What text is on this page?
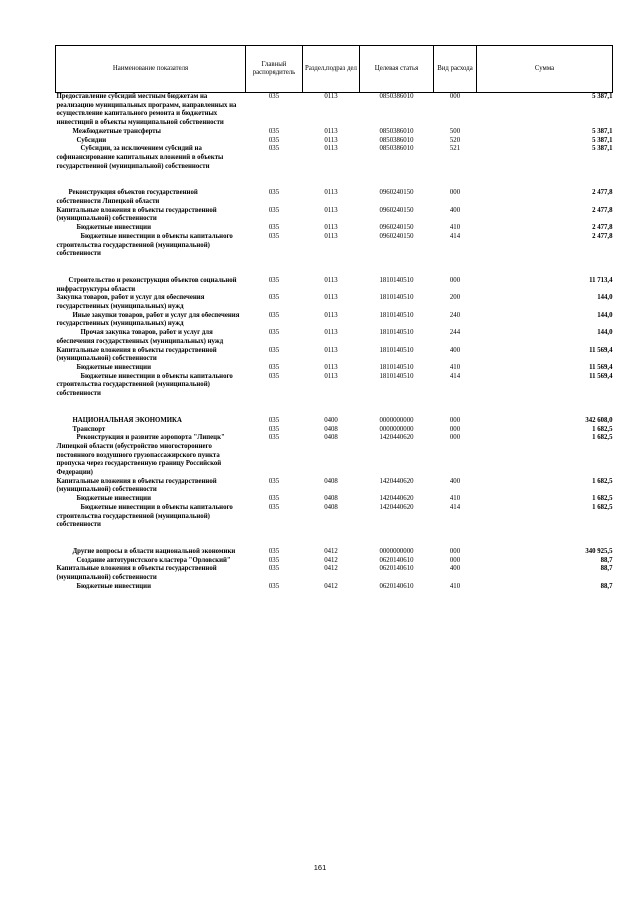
Наименование показателя	Главный распорядитель	Раздел,подраз дел	Целевая статья	Вид расхода	Сумма
Предоставление субсидий местным бюджетам на реализацию муниципальных программ, направленных на осуществление капитального ремонта и бюджетных инвестиций в объекты муниципальной собственности	035	0113	0850386010	000	5 387,1
Межбюджетные трансферты	035	0113	0850386010	500	5 387,1
Субсидии	035	0113	0850386010	520	5 387,1
Субсидии, за исключением субсидий на софинансирование капитальных вложений в объекты государственной (муниципальной) собственности	035	0113	0850386010	521	5 387,1
Реконструкция объектов государственной собственности Липецкой области	035	0113	0960240150	000	2 477,8
Капитальные вложения в объекты государственной (муниципальной) собственности	035	0113	0960240150	400	2 477,8
Бюджетные инвестиции	035	0113	0960240150	410	2 477,8
Бюджетные инвестиции в объекты капитального строительства государственной (муниципальной) собственности	035	0113	0960240150	414	2 477,8
Строительство и реконструкция объектов социальной инфраструктуры области	035	0113	1810140510	000	11 713,4
Закупка товаров, работ и услуг для обеспечения государственных (муниципальных) нужд	035	0113	1810140510	200	144,0
Иные закупки товаров, работ и услуг для обеспечения государственных (муниципальных) нужд	035	0113	1810140510	240	144,0
Прочая закупка товаров, работ и услуг для обеспечения государственных (муниципальных) нужд	035	0113	1810140510	244	144,0
Капитальные вложения в объекты государственной (муниципальной) собственности	035	0113	1810140510	400	11 569,4
Бюджетные инвестиции	035	0113	1810140510	410	11 569,4
Бюджетные инвестиции в объекты капитального строительства государственной (муниципальной) собственности	035	0113	1810140510	414	11 569,4
НАЦИОНАЛЬНАЯ ЭКОНОМИКА	035	0400	0000000000	000	342 608,0
Транспорт	035	0408	0000000000	000	1 682,5
Реконструкция и развитие аэропорта "Липецк" Липецкой области (обустройство многостороннего постоянного воздушного грузопассажирского пункта пропуска через государственную границу Российской Федерации)	035	0408	1420440620	000	1 682,5
Капитальные вложения в объекты государственной (муниципальной) собственности	035	0408	1420440620	400	1 682,5
Бюджетные инвестиции	035	0408	1420440620	410	1 682,5
Бюджетные инвестиции в объекты капитального строительства государственной (муниципальной) собственности	035	0408	1420440620	414	1 682,5
Другие вопросы в области национальной экономики	035	0412	0000000000	000	340 925,5
Создание автотуристского кластера "Орловский"	035	0412	0620140610	000	88,7
Капитальные вложения в объекты государственной (муниципальной) собственности	035	0412	0620140610	400	88,7
Бюджетные инвестиции	035	0412	0620140610	410	88,7
161
